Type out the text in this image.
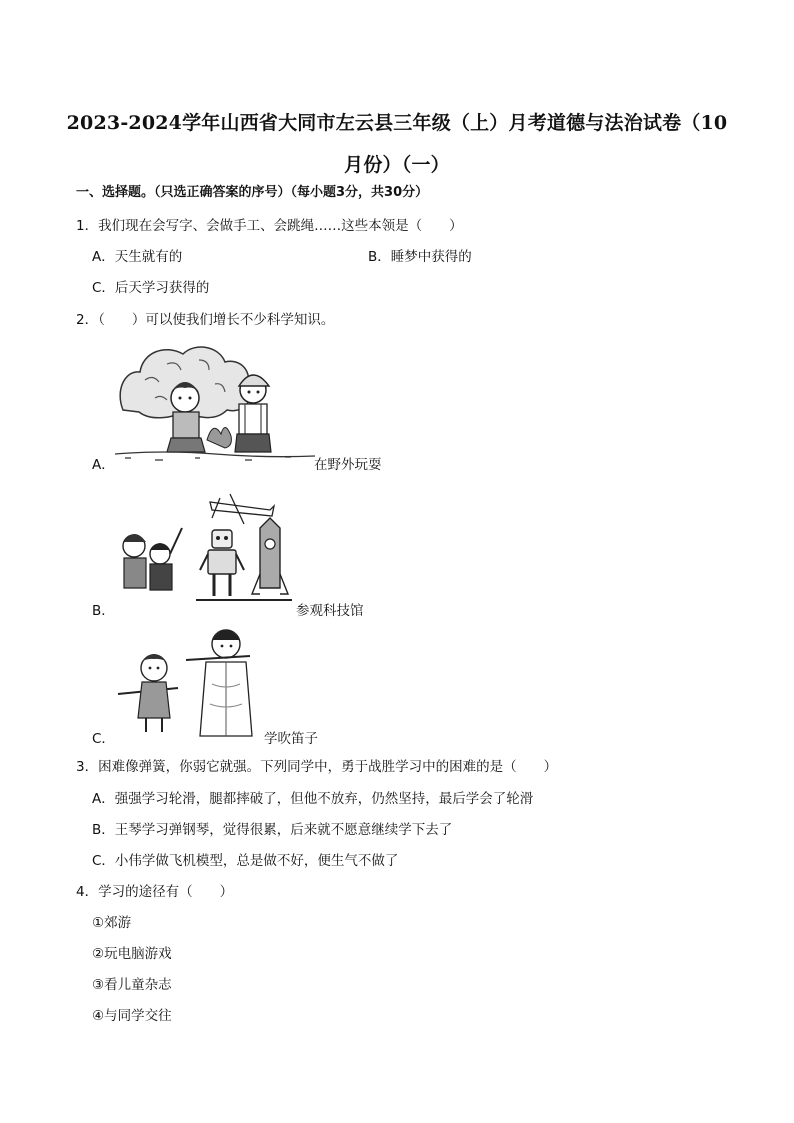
2023-2024学年山西省大同市左云县三年级（上）月考道德与法治试卷（10
月份）（一）
一、选择题。（只选正确答案的序号）（每小题3分，共30分）
1．我们现在会写字、会做手工、会跳绳……这些本领是（　　）
A．天生就有的	B．睡梦中获得的
C．后天学习获得的
2．（　　）可以使我们增长不少科学知识。
A．	在野外玩耍
B．	参观科技馆
C．	学吹笛子
3．困难像弹簧，你弱它就强。下列同学中，勇于战胜学习中的困难的是（　　）
A．强强学习轮滑，腿都摔破了，但他不放弃，仍然坚持，最后学会了轮滑
B．王琴学习弹钢琴，觉得很累，后来就不愿意继续学下去了
C．小伟学做飞机模型，总是做不好，便生气不做了
4．学习的途径有（　　）
①郊游
②玩电脑游戏
③看儿童杂志
④与同学交往
